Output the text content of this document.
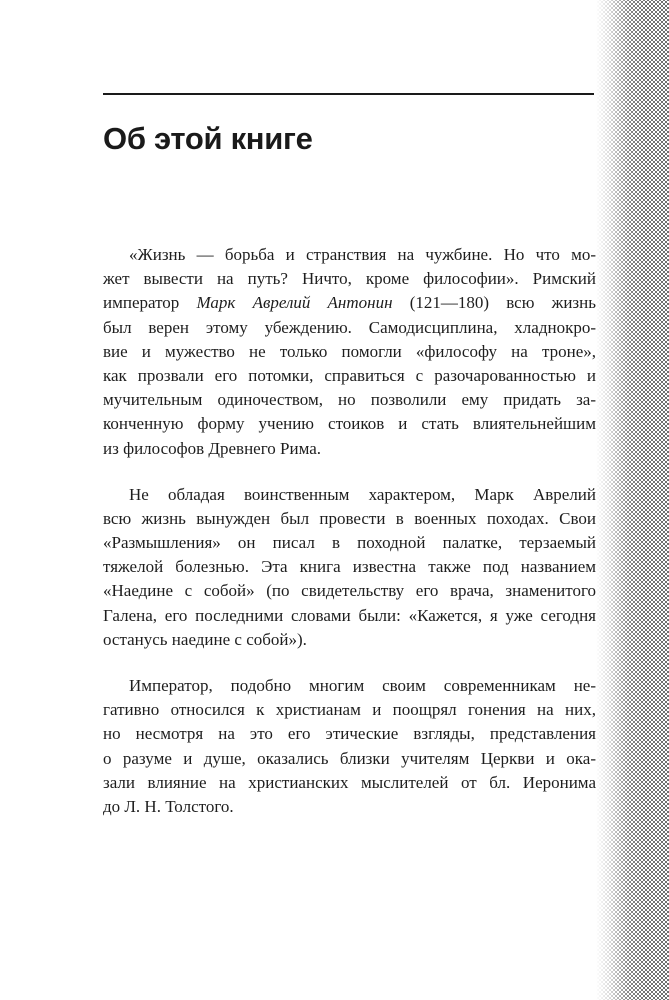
Об этой книге

«Жизнь — борьба и странствия на чужбине. Но что мо-
жет вывести на путь? Ничто, кроме философии». Римский
император Марк Аврелий Антонин (121—180) всю жизнь
был верен этому убеждению. Самодисциплина, хладнокро-
вие и мужество не только помогли «философу на троне»,
как прозвали его потомки, справиться с разочарованностью и
мучительным одиночеством, но позволили ему придать за-
конченную форму учению стоиков и стать влиятельнейшим
из философов Древнего Рима.

Не обладая воинственным характером, Марк Аврелий
всю жизнь вынужден был провести в военных походах. Свои
«Размышления» он писал в походной палатке, терзаемый
тяжелой болезнью. Эта книга известна также под названием
«Наедине с собой» (по свидетельству его врача, знаменитого
Галена, его последними словами были: «Кажется, я уже сегодня
останусь наедине с собой»).

Император, подобно многим своим современникам не-
гативно относился к христианам и поощрял гонения на них,
но несмотря на это его этические взгляды, представления
о разуме и душе, оказались близки учителям Церкви и ока-
зали влияние на христианских мыслителей от бл. Иеронима
до Л. Н. Толстого.
